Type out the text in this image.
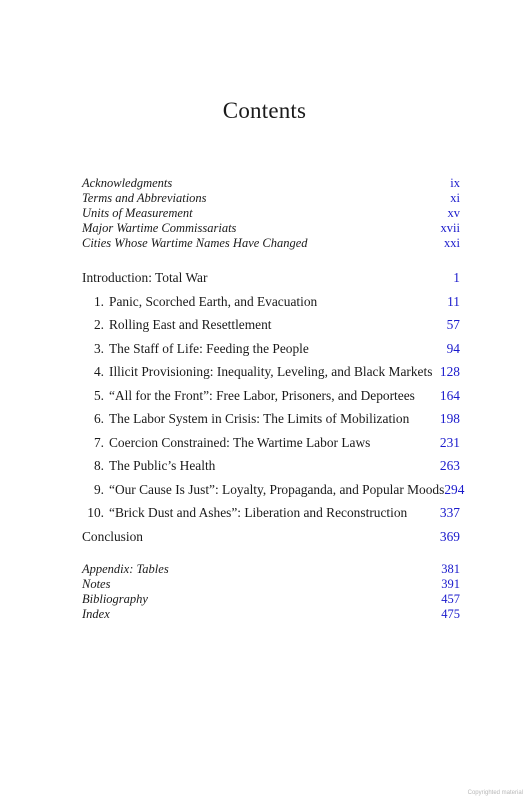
Contents
Acknowledgments	ix
Terms and Abbreviations	xi
Units of Measurement	xv
Major Wartime Commissariats	xvii
Cities Whose Wartime Names Have Changed	xxi
Introduction: Total War	1
1. Panic, Scorched Earth, and Evacuation	11
2. Rolling East and Resettlement	57
3. The Staff of Life: Feeding the People	94
4. Illicit Provisioning: Inequality, Leveling, and Black Markets 128
5. “All for the Front”: Free Labor, Prisoners, and Deportees 164
6. The Labor System in Crisis: The Limits of Mobilization 198
7. Coercion Constrained: The Wartime Labor Laws	231
8. The Public’s Health	263
9. “Our Cause Is Just”: Loyalty, Propaganda, and Popular Moods 294
10. “Brick Dust and Ashes”: Liberation and Reconstruction 337
Conclusion	369
Appendix: Tables	381
Notes	391
Bibliography	457
Index	475
Copyrighted material
